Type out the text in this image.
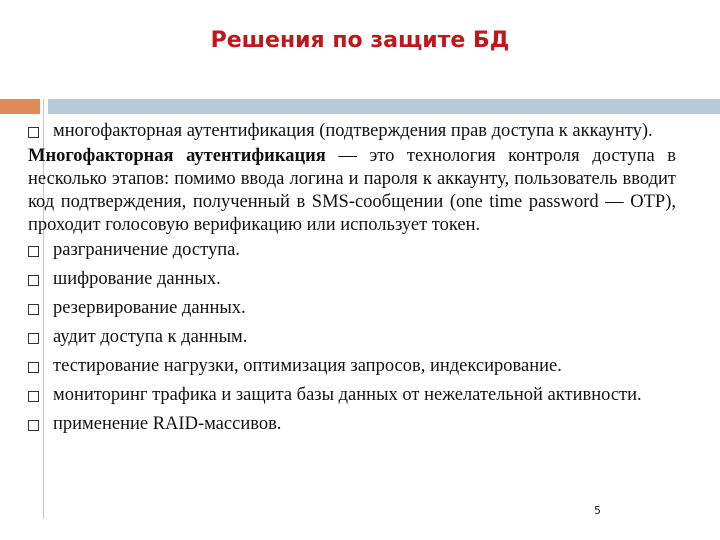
Решения по защите БД
многофакторная аутентификация (подтверждения прав доступа к аккаунту).
Многофакторная аутентификация — это технология контроля доступа в несколько этапов: помимо ввода логина и пароля к аккаунту, пользователь вводит код подтверждения, полученный в SMS-сообщении (one time password — OTP), проходит голосовую верификацию или использует токен.
разграничение доступа.
шифрование данных.
резервирование данных.
аудит доступа к данным.
тестирование нагрузки, оптимизация запросов, индексирование.
мониторинг трафика и защита базы данных от нежелательной активности.
применение RAID-массивов.
5
